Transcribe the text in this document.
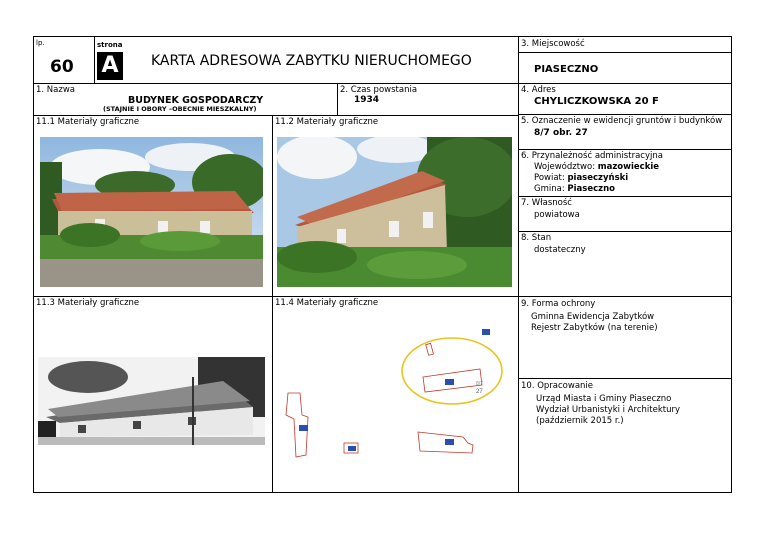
lp.
60
strona
A	KARTA ADRESOWA ZABYTKU NIERUCHOMEGO
1. Nazwa
BUDYNEK GOSPODARCZY
(STAJNIE I OBORY –OBECNIE MIESZKALNY)
2. Czas powstania
1934
3. Miejscowość
PIASECZNO
4. Adres
CHYLICZKOWSKA 20 F
5. Oznaczenie w ewidencji gruntów i budynków
8/7 obr. 27
6. Przynależność administracyjna
Województwo: mazowieckie
Powiat: piaseczyński
Gmina: Piaseczno
7. Własność
powiatowa
8. Stan
dostateczny
9. Forma ochrony
Gminna Ewidencja Zabytków
Rejestr Zabytków (na terenie)
10. Opracowanie
Urząd Miasta i Gminy Piaseczno
Wydział Urbanistyki i Architektury
(październik 2015 r.)
11.1 Materiały graficzne	11.2 Materiały graficzne
11.3 Materiały graficzne	11.4 Materiały graficzne
8/7
27
